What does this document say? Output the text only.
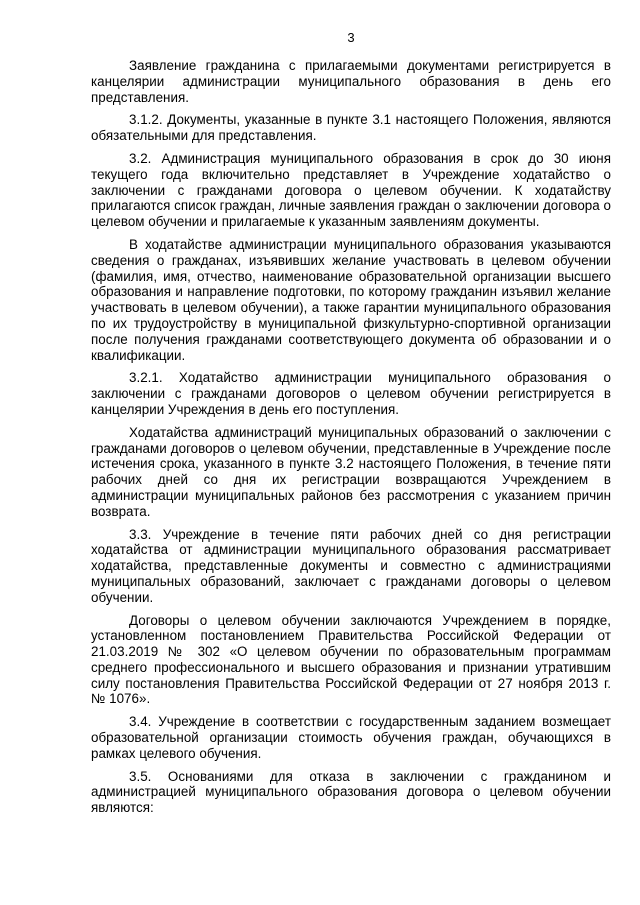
3

Заявление гражданина с прилагаемыми документами регистрируется в канцелярии администрации муниципального образования в день его представления.

3.1.2. Документы, указанные в пункте 3.1 настоящего Положения, являются обязательными для представления.

3.2. Администрация муниципального образования в срок до 30 июня текущего года включительно представляет в Учреждение ходатайство о заключении с гражданами договора о целевом обучении. К ходатайству прилагаются список граждан, личные заявления граждан о заключении договора о целевом обучении и прилагаемые к указанным заявлениям документы.

В ходатайстве администрации муниципального образования указываются сведения о гражданах, изъявивших желание участвовать в целевом обучении (фамилия, имя, отчество, наименование образовательной организации высшего образования и направление подготовки, по которому гражданин изъявил желание участвовать в целевом обучении), а также гарантии муниципального образования по их трудоустройству в муниципальной физкультурно-спортивной организации после получения гражданами соответствующего документа об образовании и о квалификации.

3.2.1. Ходатайство администрации муниципального образования о заключении с гражданами договоров о целевом обучении регистрируется в канцелярии Учреждения в день его поступления.

Ходатайства администраций муниципальных образований о заключении с гражданами договоров о целевом обучении, представленные в Учреждение после истечения срока, указанного в пункте 3.2 настоящего Положения, в течение пяти рабочих дней со дня их регистрации возвращаются Учреждением в администрации муниципальных районов без рассмотрения с указанием причин возврата.

3.3. Учреждение в течение пяти рабочих дней со дня регистрации ходатайства от администрации муниципального образования рассматривает ходатайства, представленные документы и совместно с администрациями муниципальных образований, заключает с гражданами договоры о целевом обучении.

Договоры о целевом обучении заключаются Учреждением в порядке, установленном постановлением Правительства Российской Федерации от 21.03.2019 № 302 «О целевом обучении по образовательным программам среднего профессионального и высшего образования и признании утратившим силу постановления Правительства Российской Федерации от 27 ноября 2013 г. № 1076».

3.4. Учреждение в соответствии с государственным заданием возмещает образовательной организации стоимость обучения граждан, обучающихся в рамках целевого обучения.

3.5. Основаниями для отказа в заключении с гражданином и администрацией муниципального образования договора о целевом обучении являются:
